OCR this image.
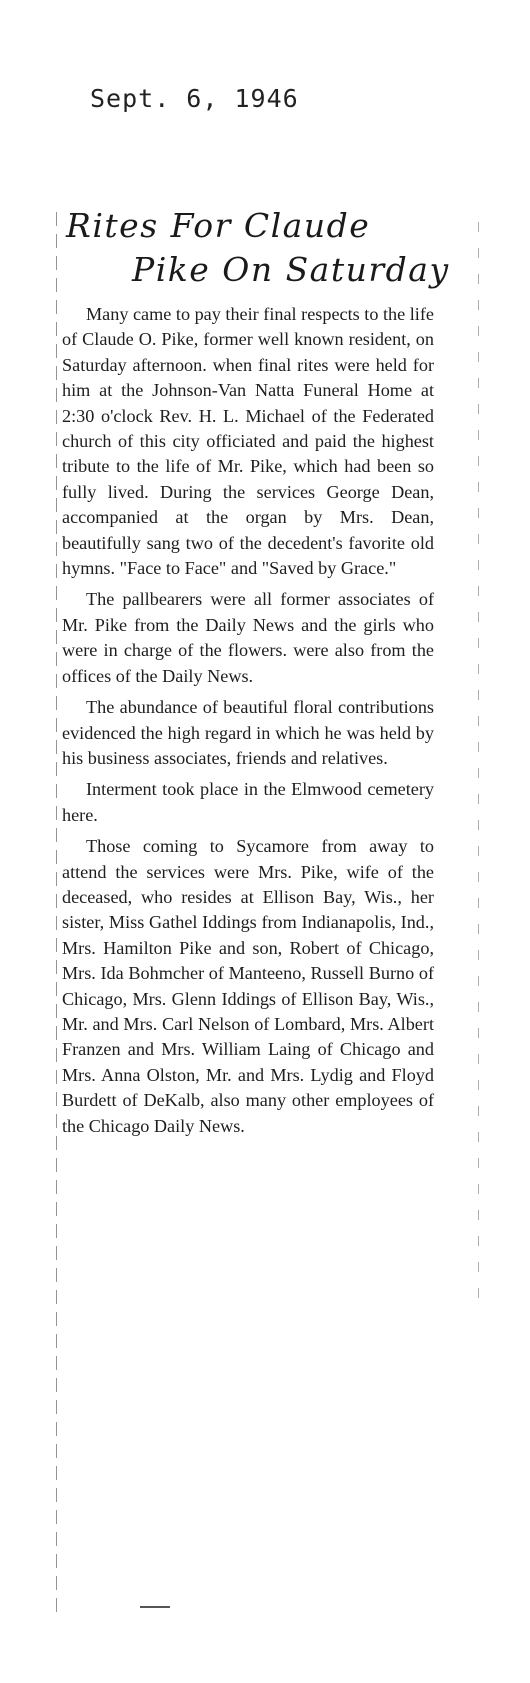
Sept. 6, 1946
Rites For Claude
Pike On Saturday

Many came to pay their final respects to the life of Claude O. Pike, former well known resident, on Saturday afternoon. when final rites were held for him at the Johnson-Van Natta Funeral Home at 2:30 o'clock Rev. H. L. Michael of the Federated church of this city officiated and paid the highest tribute to the life of Mr. Pike, which had been so fully lived. During the services George Dean, accompanied at the organ by Mrs. Dean, beautifully sang two of the decedent's favorite old hymns. "Face to Face" and "Saved by Grace."

The pallbearers were all former associates of Mr. Pike from the Daily News and the girls who were in charge of the flowers. were also from the offices of the Daily News.

The abundance of beautiful floral contributions evidenced the high regard in which he was held by his business associates, friends and relatives.

Interment took place in the Elmwood cemetery here.

Those coming to Sycamore from away to attend the services were Mrs. Pike, wife of the deceased, who resides at Ellison Bay, Wis., her sister, Miss Gathel Iddings from Indianapolis, Ind., Mrs. Hamilton Pike and son, Robert of Chicago, Mrs. Ida Bohmcher of Manteeno, Russell Burno of Chicago, Mrs. Glenn Iddings of Ellison Bay, Wis., Mr. and Mrs. Carl Nelson of Lombard, Mrs. Albert Franzen and Mrs. William Laing of Chicago and Mrs. Anna Olston, Mr. and Mrs. Lydig and Floyd Burdett of DeKalb, also many other employees of the Chicago Daily News.
